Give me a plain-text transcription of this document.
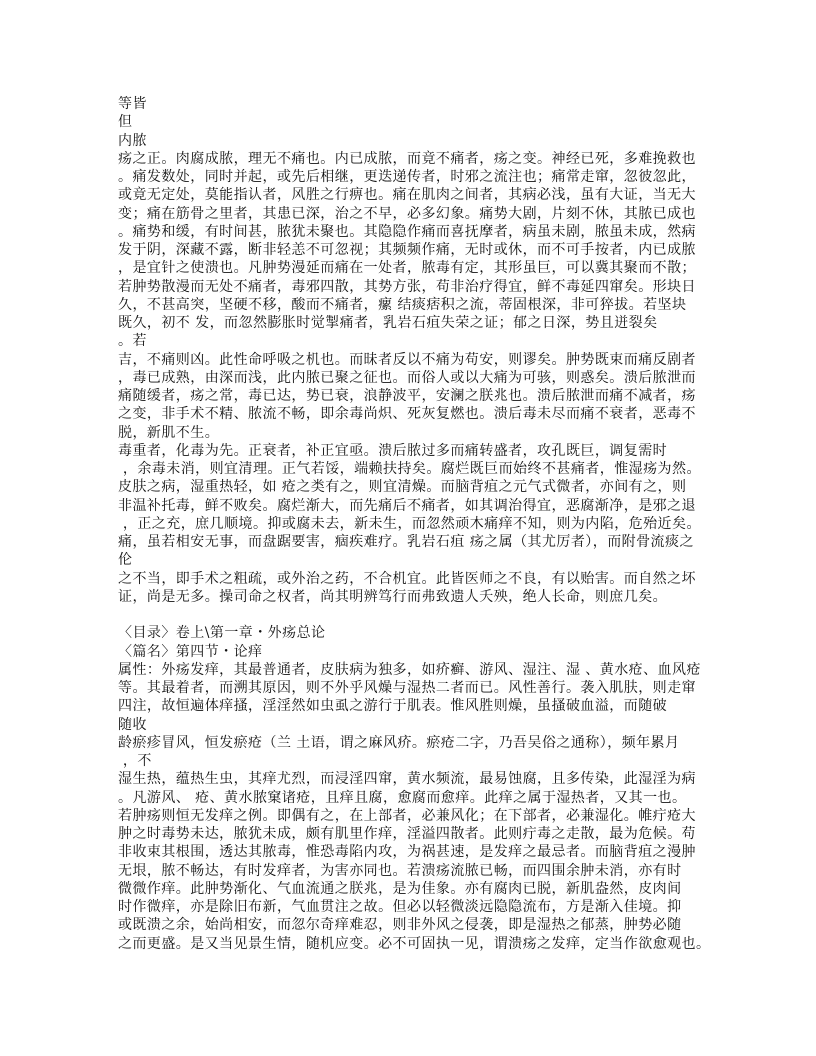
等皆
但
内脓
疡之正。肉腐成脓，理无不痛也。内已成脓，而竟不痛者，疡之变。神经已死，多难挽救也
。痛发数处，同时并起，或先后相继，更迭递传者，时邪之流注也；痛常走窜，忽彼忽此，
或竟无定处，莫能指认者，风胜之行痹也。痛在肌肉之间者，其病必浅，虽有大证，当无大
变；痛在筋骨之里者，其患已深，治之不早，必多幻象。痛势大剧，片刻不休，其脓已成也
。痛势和缓，有时间甚，脓犹未聚也。其隐隐作痛而喜抚摩者，病虽未剧，脓虽未成，然病
发于阴，深藏不露，断非轻恙不可忽视；其频频作痛，无时或休，而不可手按者，内已成脓
，是宜针之使溃也。凡肿势漫延而痛在一处者，脓毒有定，其形虽巨，可以冀其聚而不散；
若肿势散漫而无处不痛者，毒邪四散，其势方张，苟非治疗得宜，鲜不毒延四窜矣。形块日
久，不甚高突，坚硬不移，酸而不痛者，瘰 结痰痞积之流，蒂固根深，非可猝拔。若坚块
既久，初不 发，而忽然膨胀时觉掣痛者，乳岩石疽失荣之证；郁之日深，势且迸裂矣
。若
吉，不痛则凶。此性命呼吸之机也。而昧者反以不痛为苟安，则谬矣。肿势既束而痛反剧者
，毒已成熟，由深而浅，此内脓已聚之征也。而俗人或以大痛为可骇，则惑矣。溃后脓泄而
痛随缓者，疡之常，毒已达，势已衰，浪静波平，安澜之朕兆也。溃后脓泄而痛不减者，疡
之变，非手术不精、脓流不畅，即余毒尚炽、死灰复燃也。溃后毒未尽而痛不衰者，恶毒不
脱，新肌不生。
毒重者，化毒为先。正衰者，补正宜亟。溃后脓过多而痛转盛者，攻孔既巨，调复需时
，余毒未消，则宜清理。正气若馁，端赖扶持矣。腐烂既巨而始终不甚痛者，惟湿疡为然。
皮肤之病，湿重热轻，如 疮之类有之，则宜清燥。而脑背疽之元气式微者，亦间有之，则
非温补托毒，鲜不败矣。腐烂渐大，而先痛后不痛者，如其调治得宜，恶腐渐净，是邪之退
，正之充，庶几顺境。抑或腐未去，新未生，而忽然顽木痛痒不知，则为内陷，危殆近矣。
痛，虽若相安无事，而盘踞要害，痼疾难疗。乳岩石疽 疡之属（其尤厉者），而附骨流痰之
伦
之不当，即手术之粗疏，或外治之药，不合机宜。此皆医师之不良，有以贻害。而自然之坏
证，尚是无多。操司命之权者，尚其明辨笃行而弗致遗人夭殃，绝人长命，则庶几矣。
〈目录〉卷上\第一章・外疡总论
〈篇名〉第四节・论痒
属性：外疡发痒，其最普通者，皮肤病为独多，如疥癣、游风、湿注、湿 、黄水疮、血风疮
等。其最着者，而溯其原因，则不外乎风燥与湿热二者而已。风性善行。袭入肌肤，则走窜
四注，故恒遍体痒搔，淫淫然如虫虱之游行于肌表。惟风胜则燥，虽搔破血溢，而随破
随收
龄瘀疹冒风，恒发瘀疮（兰 土语，谓之麻风疥。瘀疮二字，乃吾吴俗之通称），频年累月
，不
湿生热，蕴热生虫，其痒尤烈，而浸淫四窜，黄水频流，最易蚀腐，且多传染，此湿淫为病
。凡游风、 疮、黄水脓窠诸疮，且痒且腐，愈腐而愈痒。此痒之属于湿热者，又其一也。
若肿疡则恒无发痒之例。即偶有之，在上部者，必兼风化；在下部者，必兼湿化。帷疔疮大
肿之时毒势未达，脓犹未成，颇有肌里作痒，淫溢四散者。此则疔毒之走散，最为危候。苟
非收束其根围，透达其脓毒，惟恐毒陷内攻，为祸甚速，是发痒之最忌者。而脑背疽之漫肿
无垠，脓不畅达，有时发痒者，为害亦同也。若溃疡流脓已畅，而四围余肿未消，亦有时
微微作痒。此肿势渐化、气血流通之朕兆，是为佳象。亦有腐肉已脱，新肌盎然，皮肉间
时作微痒，亦是除旧布新，气血贯注之故。但必以轻微淡远隐隐流布，方是渐入佳境。抑
或既溃之余，始尚相安，而忽尔奇痒难忍，则非外风之侵袭，即是湿热之郁蒸，肿势必随
之而更盛。是又当见景生情，随机应变。必不可固执一见，谓溃疡之发痒，定当作欲愈观也。
